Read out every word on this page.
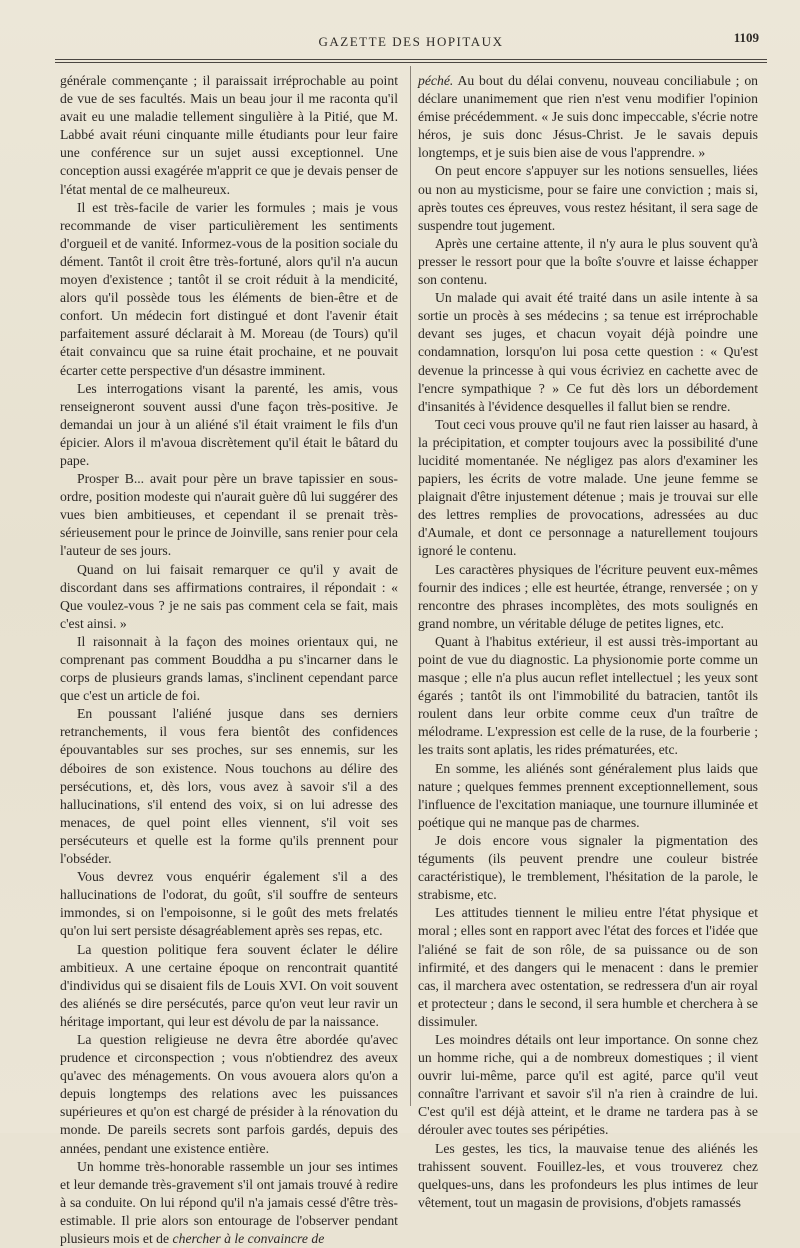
GAZETTE DES HOPITAUX	1109

générale commençante ; il paraissait irréprochable au point de vue de ses facultés. Mais un beau jour il me raconta qu'il avait eu une maladie tellement singulière à la Pitié, que M. Labbé avait réuni cinquante mille étudiants pour leur faire une conférence sur un sujet aussi exceptionnel. Une conception aussi exagérée m'apprit ce que je devais penser de l'état mental de ce malheureux.

Il est très-facile de varier les formules ; mais je vous recommande de viser particulièrement les sentiments d'orgueil et de vanité. Informez-vous de la position sociale du dément. Tantôt il croit être très-fortuné, alors qu'il n'a aucun moyen d'existence ; tantôt il se croit réduit à la mendicité, alors qu'il possède tous les éléments de bien-être et de confort. Un médecin fort distingué et dont l'avenir était parfaitement assuré déclarait à M. Moreau (de Tours) qu'il était convaincu que sa ruine était prochaine, et ne pouvait écarter cette perspective d'un désastre imminent.

Les interrogations visant la parenté, les amis, vous renseigneront souvent aussi d'une façon très-positive. Je demandai un jour à un aliéné s'il était vraiment le fils d'un épicier. Alors il m'avoua discrètement qu'il était le bâtard du pape.

Prosper B... avait pour père un brave tapissier en sous-ordre, position modeste qui n'aurait guère dû lui suggérer des vues bien ambitieuses, et cependant il se prenait très-sérieusement pour le prince de Joinville, sans renier pour cela l'auteur de ses jours.

Quand on lui faisait remarquer ce qu'il y avait de discordant dans ses affirmations contraires, il répondait : « Que voulez-vous ? je ne sais pas comment cela se fait, mais c'est ainsi. »

Il raisonnait à la façon des moines orientaux qui, ne comprenant pas comment Bouddha a pu s'incarner dans le corps de plusieurs grands lamas, s'inclinent cependant parce que c'est un article de foi.

En poussant l'aliéné jusque dans ses derniers retranchements, il vous fera bientôt des confidences épouvantables sur ses proches, sur ses ennemis, sur les déboires de son existence. Nous touchons au délire des persécutions, et, dès lors, vous avez à savoir s'il a des hallucinations, s'il entend des voix, si on lui adresse des menaces, de quel point elles viennent, s'il voit ses persécuteurs et quelle est la forme qu'ils prennent pour l'obséder.

Vous devrez vous enquérir également s'il a des hallucinations de l'odorat, du goût, s'il souffre de senteurs immondes, si on l'empoisonne, si le goût des mets frelatés qu'on lui sert persiste désagréablement après ses repas, etc.

La question politique fera souvent éclater le délire ambitieux. A une certaine époque on rencontrait quantité d'individus qui se disaient fils de Louis XVI. On voit souvent des aliénés se dire persécutés, parce qu'on veut leur ravir un héritage important, qui leur est dévolu de par la naissance.

La question religieuse ne devra être abordée qu'avec prudence et circonspection ; vous n'obtiendrez des aveux qu'avec des ménagements. On vous avouera alors qu'on a depuis longtemps des relations avec les puissances supérieures et qu'on est chargé de présider à la rénovation du monde. De pareils secrets sont parfois gardés, depuis des années, pendant une existence entière.

Un homme très-honorable rassemble un jour ses intimes et leur demande très-gravement s'il ont jamais trouvé à redire à sa conduite. On lui répond qu'il n'a jamais cessé d'être très-estimable. Il prie alors son entourage de l'observer pendant plusieurs mois et de chercher à le convaincre de

péché. Au bout du délai convenu, nouveau conciliabule ; on déclare unanimement que rien n'est venu modifier l'opinion émise précédemment. « Je suis donc impeccable, s'écrie notre héros, je suis donc Jésus-Christ. Je le savais depuis longtemps, et je suis bien aise de vous l'apprendre. »

On peut encore s'appuyer sur les notions sensuelles, liées ou non au mysticisme, pour se faire une conviction ; mais si, après toutes ces épreuves, vous restez hésitant, il sera sage de suspendre tout jugement.

Après une certaine attente, il n'y aura le plus souvent qu'à presser le ressort pour que la boîte s'ouvre et laisse échapper son contenu.

Un malade qui avait été traité dans un asile intente à sa sortie un procès à ses médecins ; sa tenue est irréprochable devant ses juges, et chacun voyait déjà poindre une condamnation, lorsqu'on lui posa cette question : « Qu'est devenue la princesse à qui vous écriviez en cachette avec de l'encre sympathique ? » Ce fut dès lors un débordement d'insanités à l'évidence desquelles il fallut bien se rendre.

Tout ceci vous prouve qu'il ne faut rien laisser au hasard, à la précipitation, et compter toujours avec la possibilité d'une lucidité momentanée. Ne négligez pas alors d'examiner les papiers, les écrits de votre malade. Une jeune femme se plaignait d'être injustement détenue ; mais je trouvai sur elle des lettres remplies de provocations, adressées au duc d'Aumale, et dont ce personnage a naturellement toujours ignoré le contenu.

Les caractères physiques de l'écriture peuvent eux-mêmes fournir des indices ; elle est heurtée, étrange, renversée ; on y rencontre des phrases incomplètes, des mots soulignés en grand nombre, un véritable déluge de petites lignes, etc.

Quant à l'habitus extérieur, il est aussi très-important au point de vue du diagnostic. La physionomie porte comme un masque ; elle n'a plus aucun reflet intellectuel ; les yeux sont égarés ; tantôt ils ont l'immobilité du batracien, tantôt ils roulent dans leur orbite comme ceux d'un traître de mélodrame. L'expression est celle de la ruse, de la fourberie ; les traits sont aplatis, les rides prématurées, etc.

En somme, les aliénés sont généralement plus laids que nature ; quelques femmes prennent exceptionnellement, sous l'influence de l'excitation maniaque, une tournure illuminée et poétique qui ne manque pas de charmes.

Je dois encore vous signaler la pigmentation des téguments (ils peuvent prendre une couleur bistrée caractéristique), le tremblement, l'hésitation de la parole, le strabisme, etc.

Les attitudes tiennent le milieu entre l'état physique et moral ; elles sont en rapport avec l'état des forces et l'idée que l'aliéné se fait de son rôle, de sa puissance ou de son infirmité, et des dangers qui le menacent : dans le premier cas, il marchera avec ostentation, se redressera d'un air royal et protecteur ; dans le second, il sera humble et cherchera à se dissimuler.

Les moindres détails ont leur importance. On sonne chez un homme riche, qui a de nombreux domestiques ; il vient ouvrir lui-même, parce qu'il est agité, parce qu'il veut connaître l'arrivant et savoir s'il n'a rien à craindre de lui. C'est qu'il est déjà atteint, et le drame ne tardera pas à se dérouler avec toutes ses péripéties.

Les gestes, les tics, la mauvaise tenue des aliénés les trahissent souvent. Fouillez-les, et vous trouverez chez quelques-uns, dans les profondeurs les plus intimes de leur vêtement, tout un magasin de provisions, d'objets ramassés
